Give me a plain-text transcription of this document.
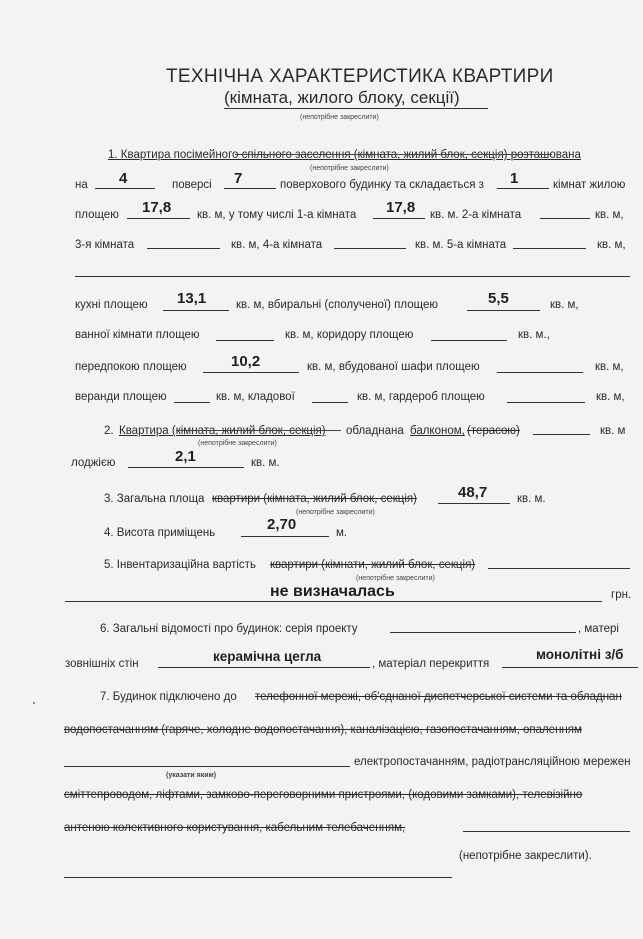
ТЕХНІЧНА ХАРАКТЕРИСТИКА КВАРТИРИ
(кімната, жилого блоку, секції)
(непотрібне закреслити)
1. Квартира посімейного спільного заселення (кімната, жилий блок, секція) розташована
(непотрібне закреслити)
на 4	поверсі 7	поверхового будинку та складається з 1	кімнат жилою
площею 17,8 кв. м, у тому числі 1-а кімната 17,8 кв. м. 2-а кімната	кв. м,
3-я кімната	кв. м, 4-а кімната	кв. м. 5-а кімната	кв. м,
кухні площею 13,1	кв. м, вбиральні (сполученої) площею	5,5	кв. м,
ванної кімнати площею	кв. м, коридору площею	кв. м.,
передпокою площею	10,2	кв. м, вбудованої шафи площею	кв. м,
веранди площею	кв. м, кладової	кв. м, гардероб площею	кв. м,
2. Квартира (кімната, жилий блок, секція) обладнана балконом, (терасою)	кв. м
(непотрібне закреслити)
лоджією	2,1	кв. м.
3. Загальна площа квартири (кімната, жилий блок, секція)
(непотрібне закреслити)
48,7	кв. м.
4. Висота приміщень	2,70	м.
5. Інвентаризаційна вартість квартири (кімнати, жилий блок, секція)
(непотрібне закреслити)
не визначалась	грн.
6. Загальні відомості про будинок: серія проекту	, матері
зовнішніх стін	керамічна цегла	, матеріал перекриття
монолітні з/б
7. Будинок підключено до телефонної мережі, об'єднаної диспетчерської системи та обладнан
водопостачанням (гаряче, холодне водопостачання), каналізацією, газопостачанням, опаленням
електропостачанням, радіотрансляційною мережен
(указати яким)
сміттепроводом, ліфтами, замково-переговорними пристроями, (кодовими замками), телевізійно
антеною колективного користування, кабельним телебаченням,
(непотрібне закреслити).
